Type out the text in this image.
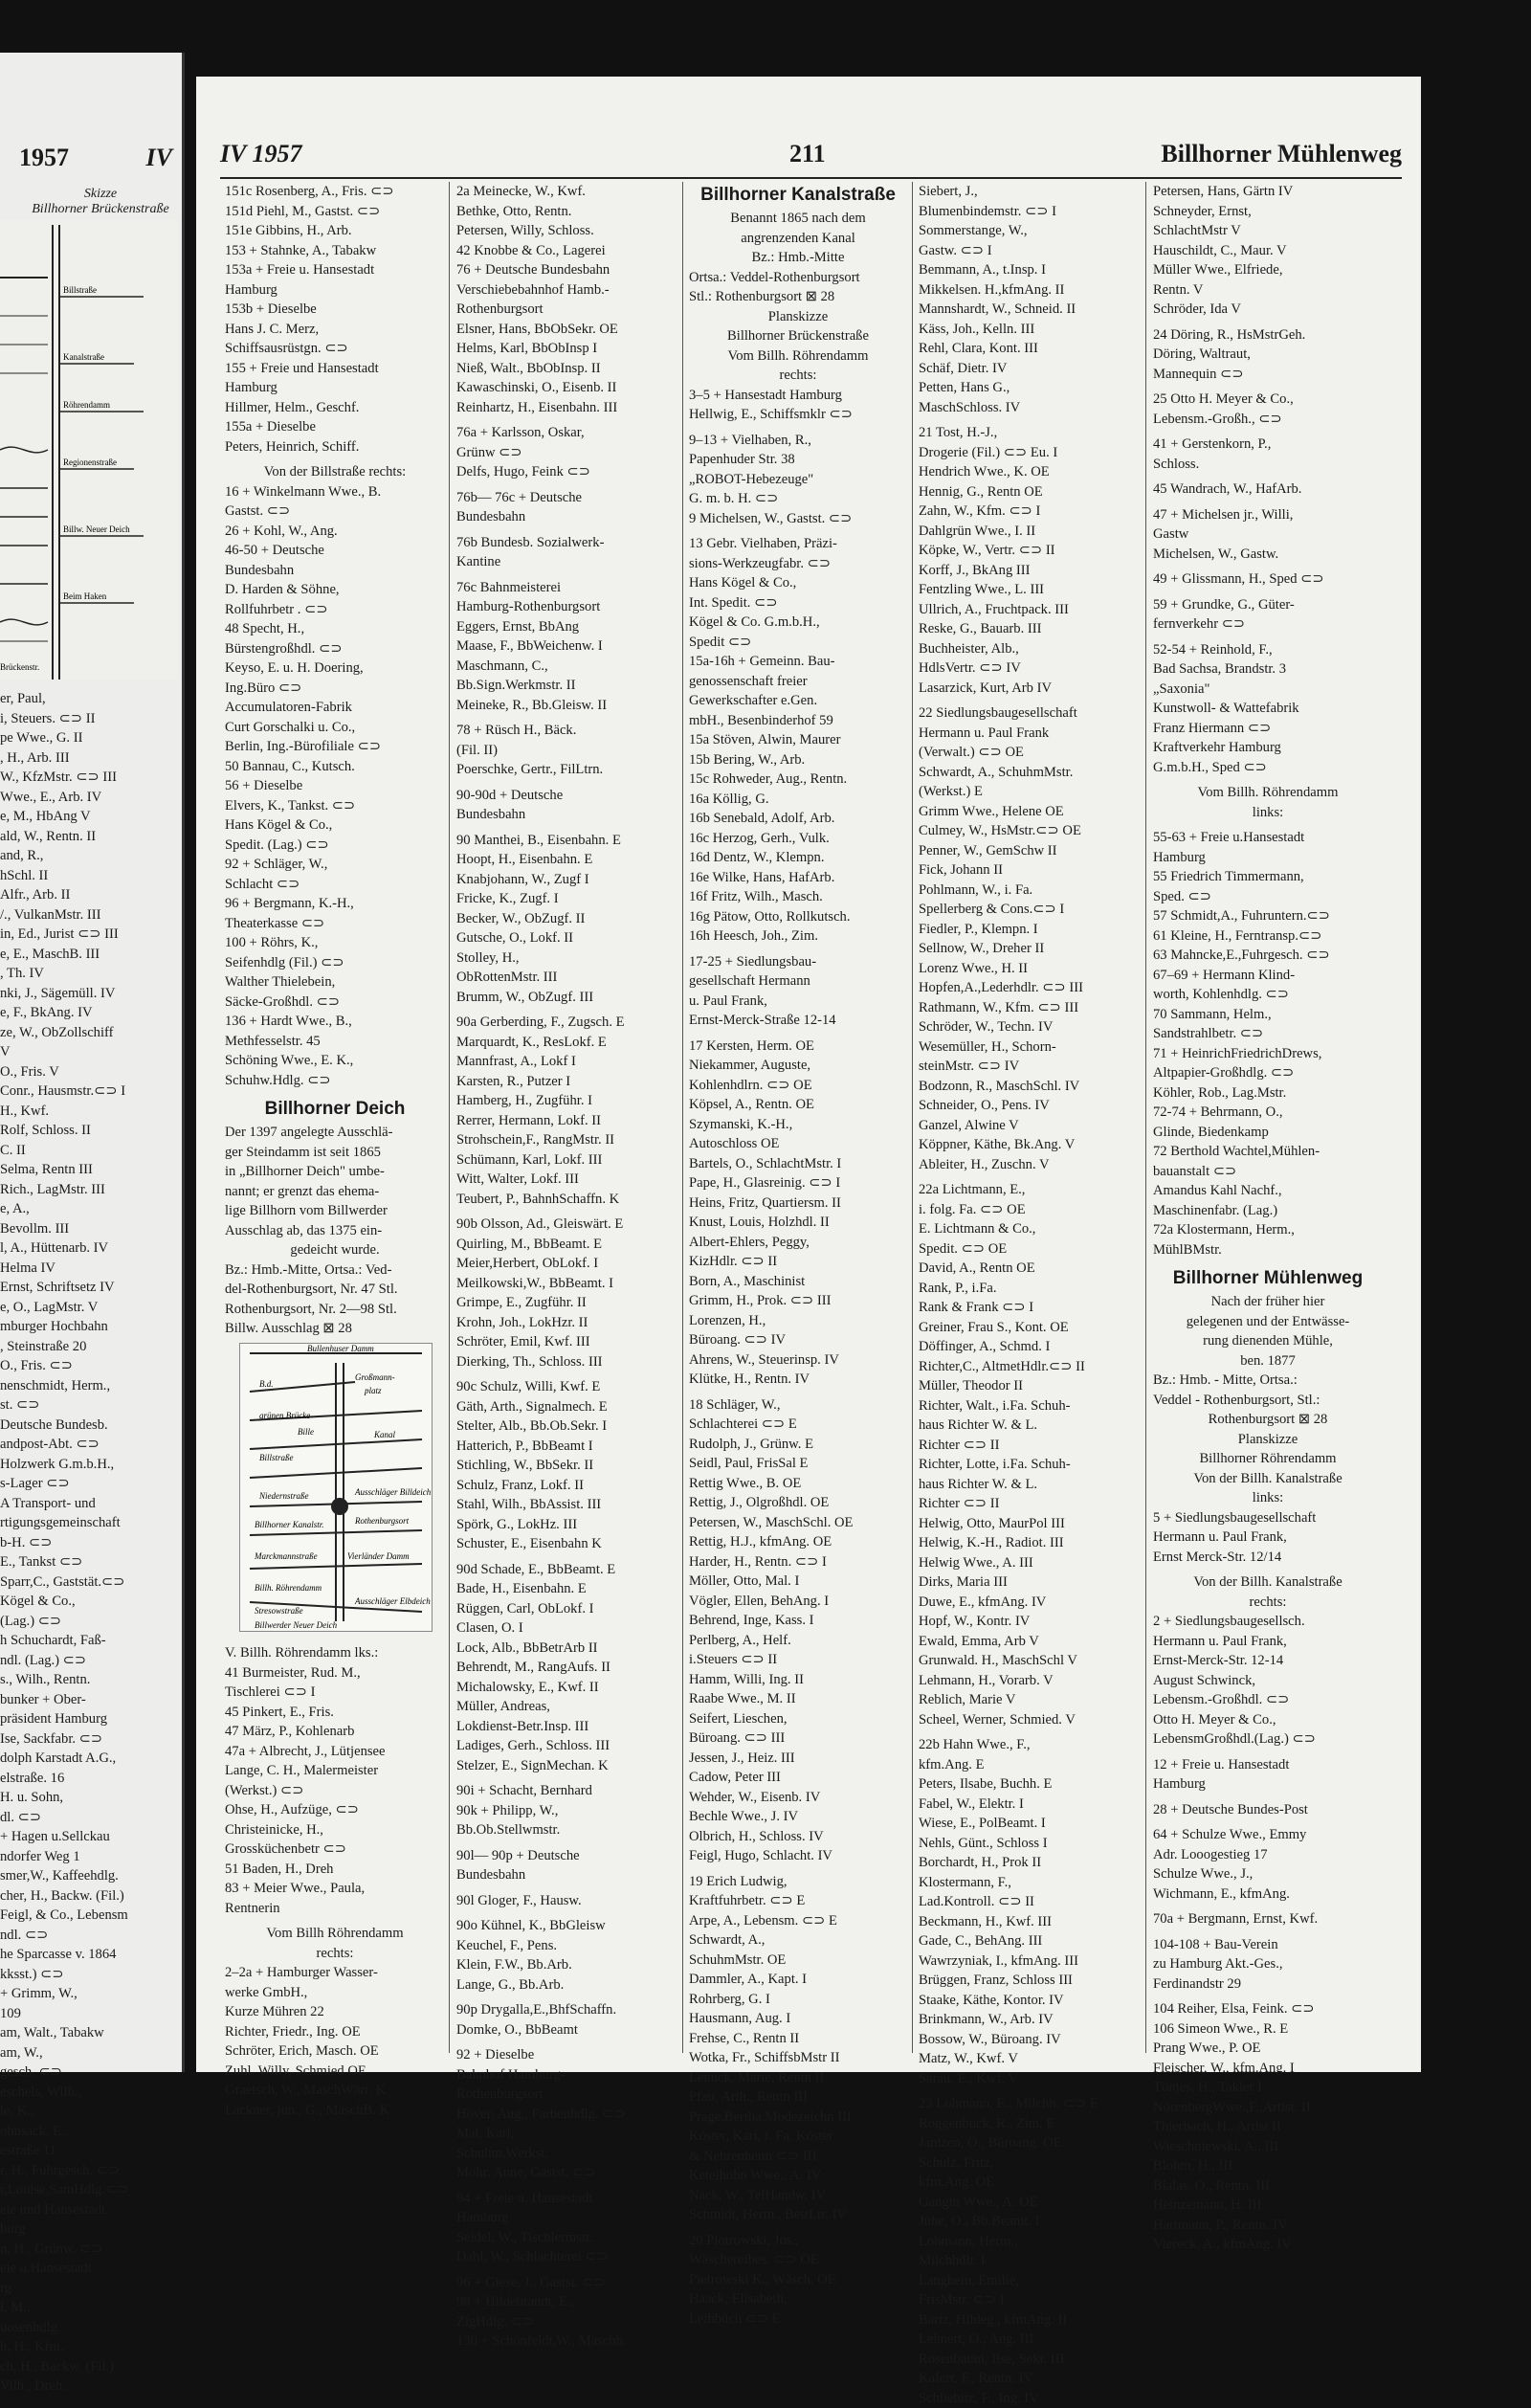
1957	IV
Skizze
Billhorner Brückenstraße
Billstraße
Kanalstraße
Röhrendamm
Regionenstraße
Billw. Neuer Deich
Beim Haken
Brückenstr.
er, Paul,
i, Steuers. ⊂⊃ II
pe Wwe., G. II
, H., Arb. III
W., KfzMstr. ⊂⊃ III
Wwe., E., Arb. IV
e, M., HbAng V
ald, W., Rentn. II
and, R.,
hSchl. II
Alfr., Arb. II
/., VulkanMstr. III
in, Ed., Jurist ⊂⊃ III
e, E., MaschB. III
, Th. IV
nki, J., Sägemüll. IV
e, F., BkAng. IV
ze, W., ObZollschiff
V
O., Fris. V
Conr., Hausmstr.⊂⊃ I
H., Kwf.
Rolf, Schloss. II
C. II
Selma, Rentn III
Rich., LagMstr. III
e, A.,
Bevollm. III
l, A., Hüttenarb. IV
Helma IV
Ernst, Schriftsetz IV
e, O., LagMstr. V
mburger Hochbahn
, Steinstraße 20
O., Fris. ⊂⊃
nenschmidt, Herm.,
st. ⊂⊃
Deutsche Bundesb.
andpost-Abt. ⊂⊃
Holzwerk G.m.b.H.,
s-Lager ⊂⊃
A Transport- und
rtigungsgemeinschaft
b-H. ⊂⊃
E., Tankst ⊂⊃
Sparr,C., Gaststät.⊂⊃
Kögel & Co.,
(Lag.) ⊂⊃
h Schuchardt, Faß-
ndl. (Lag.) ⊂⊃
s., Wilh., Rentn.
bunker + Ober-
präsident Hamburg
Ise, Sackfabr. ⊂⊃
dolph Karstadt A.G.,
elstraße. 16
H. u. Sohn,
dl. ⊂⊃
+ Hagen u.Sellckau
ndorfer Weg 1
smer,W., Kaffeehdlg.
cher, H., Backw. (Fil.)
Feigl, & Co., Lebensm
ndl. ⊂⊃
he Sparcasse v. 1864
kksst.) ⊂⊃
+ Grimm, W.,
109
am, Walt., Tabakw
am, W.,
gesch. ⊂⊃
eschels, Wilh.,
le, K.,
ohnsack, E.,
estraße 11
r, H., Fuhrgesch. ⊂⊃
r,Louise,SamHdlg.⊂⊃
eie und Hansestadt
burg
n, H., Grünw. ⊂⊃
eie u.Hansestadt
rg
l, M.,
uosenhdlg.
h, H., Kfm.
ch, H., Backw. (Fil.)
Vilh., Dreh.
IV 1957	211	Billhorner Mühlenweg
151c Rosenberg, A., Fris. ⊂⊃
151d Piehl, M., Gastst. ⊂⊃
151e Gibbins, H., Arb.
153 + Stahnke, A., Tabakw
153a + Freie u. Hansestadt
Hamburg
153b + Dieselbe
Hans J. C. Merz,
Schiffsausrüstgn. ⊂⊃
155 + Freie und Hansestadt
Hamburg
Hillmer, Helm., Geschf.
155a + Dieselbe
Peters, Heinrich, Schiff.
Von der Billstraße rechts:
16 + Winkelmann Wwe., B.
Gastst. ⊂⊃
26 + Kohl, W., Ang.
46-50 + Deutsche
Bundesbahn
D. Harden & Söhne,
Rollfuhrbetr . ⊂⊃
48 Specht, H.,
Bürstengroßhdl. ⊂⊃
Keyso, E. u. H. Doering,
Ing.Büro ⊂⊃
Accumulatoren-Fabrik
Curt Gorschalki u. Co.,
Berlin, Ing.-Bürofiliale ⊂⊃
50 Bannau, C., Kutsch.
56 + Dieselbe
Elvers, K., Tankst. ⊂⊃
Hans Kögel & Co.,
Spedit. (Lag.) ⊂⊃
92 + Schläger, W.,
Schlacht ⊂⊃
96 + Bergmann, K.-H.,
Theaterkasse ⊂⊃
100 + Röhrs, K.,
Seifenhdlg (Fil.) ⊂⊃
Walther Thielebein,
Säcke-Großhdl. ⊂⊃
136 + Hardt Wwe., B.,
Methfesselstr. 45
Schöning Wwe., E. K.,
Schuhw.Hdlg. ⊂⊃
Billhorner Deich
Der 1397 angelegte Ausschlä-
ger Steindamm ist seit 1865
in „Billhorner Deich" umbe-
nannt; er grenzt das ehema-
lige Billhorn vom Billwerder
Ausschlag ab, das 1375 ein-
gedeicht wurde.
Bz.: Hmb.-Mitte, Ortsa.: Ved-
del-Rothenburgsort, Nr. 47 Stl.
Rothenburgsort, Nr. 2—98 Stl.
Billw. Ausschlag ⊠ 28
Bullenhuser Damm
B.d.
Großmann-
platz
grünen Brücke
Bille
Billstraße
Kanal
Niedernstraße	Ausschläger Billdeich
Billhorner Kanalstr.	Rothenburgsort
Marckmannstraße	Vierländer Damm
Billh. Röhrendamm
Stresowstraße
Billwerder Neuer Deich
Ausschläger Elbdeich
V. Billh. Röhrendamm lks.:
41 Burmeister, Rud. M.,
Tischlerei ⊂⊃ I
45 Pinkert, E., Fris.
47 März, P., Kohlenarb
47a + Albrecht, J., Lütjensee
Lange, C. H., Malermeister
(Werkst.) ⊂⊃
Ohse, H., Aufzüge, ⊂⊃
Christeinicke, H.,
Grossküchenbetr ⊂⊃
51 Baden, H., Dreh
83 + Meier Wwe., Paula,
Rentnerin
Vom Billh Röhrendamm
rechts:
2–2a + Hamburger Wasser-
werke GmbH.,
Kurze Mühren 22
Richter, Friedr., Ing. OE
Schröter, Erich, Masch. OE
Zuhl, Willy, Schmied OE
Graetsch, W., MaschWärt. K
Lackner, jun., G., MaschB. K
2a Meinecke, W., Kwf.
Bethke, Otto, Rentn.
Petersen, Willy, Schloss.
42 Knobbe & Co., Lagerei
76 + Deutsche Bundesbahn
Verschiebebahnhof Hamb.-
Rothenburgsort
Elsner, Hans, BbObSekr. OE
Helms, Karl, BbObInsp I
Nieß, Walt., BbObInsp. II
Kawaschinski, O., Eisenb. II
Reinhartz, H., Eisenbahn. III
76a + Karlsson, Oskar,
Grünw ⊂⊃
Delfs, Hugo, Feink ⊂⊃
76b— 76c + Deutsche
Bundesbahn
76b Bundesb. Sozialwerk-
Kantine
76c Bahnmeisterei
Hamburg-Rothenburgsort
Eggers, Ernst, BbAng
Maase, F., BbWeichenw. I
Maschmann, C.,
Bb.Sign.Werkmstr. II
Meineke, R., Bb.Gleisw. II
78 + Rüsch H., Bäck.
(Fil. II)
Poerschke, Gertr., FilLtrn.
90-90d + Deutsche
Bundesbahn
90 Manthei, B., Eisenbahn. E
Hoopt, H., Eisenbahn. E
Knabjohann, W., Zugf I
Fricke, K., Zugf. I
Becker, W., ObZugf. II
Gutsche, O., Lokf. II
Stolley, H.,
ObRottenMstr. III
Brumm, W., ObZugf. III
90a Gerberding, F., Zugsch. E
Marquardt, K., ResLokf. E
Mannfrast, A., Lokf I
Karsten, R., Putzer I
Hamberg, H., Zugführ. I
Rerrer, Hermann, Lokf. II
Strohschein,F., RangMstr. II
Schümann, Karl, Lokf. III
Witt, Walter, Lokf. III
Teubert, P., BahnhSchaffn. K
90b Olsson, Ad., Gleiswärt. E
Quirling, M., BbBeamt. E
Meier,Herbert, ObLokf. I
Meilkowski,W., BbBeamt. I
Grimpe, E., Zugführ. II
Krohn, Joh., LokHzr. II
Schröter, Emil, Kwf. III
Dierking, Th., Schloss. III
90c Schulz, Willi, Kwf. E
Gäth, Arth., Signalmech. E
Stelter, Alb., Bb.Ob.Sekr. I
Hatterich, P., BbBeamt I
Stichling, W., BbSekr. II
Schulz, Franz, Lokf. II
Stahl, Wilh., BbAssist. III
Spörk, G., LokHz. III
Schuster, E., Eisenbahn K
90d Schade, E., BbBeamt. E
Bade, H., Eisenbahn. E
Rüggen, Carl, ObLokf. I
Clasen, O. I
Lock, Alb., BbBetrArb II
Behrendt, M., RangAufs. II
Michalowsky, E., Kwf. II
Müller, Andreas,
Lokdienst-Betr.Insp. III
Ladiges, Gerh., Schloss. III
Stelzer, E., SignMechan. K
90i + Schacht, Bernhard
90k + Philipp, W.,
Bb.Ob.Stellwmstr.
90l— 90p + Deutsche
Bundesbahn
90l Gloger, F., Hausw.
90o Kühnel, K., BbGleisw
Keuchel, F., Pens.
Klein, F.W., Bb.Arb.
Lange, G., Bb.Arb.
90p Drygalla,E.,BhfSchaffn.
Domke, O., BbBeamt
92 + Dieselbe
Bahnhof Hamburg-
Rothenburgsort
Höver, Aug., Farbenhdlg. ⊂⊃
Mai, Karl,
Schuhm.Werkst.
Mohr, Anne, Gastst. ⊂⊃
94 + Freie u. Hansestadt
Hamburg
Seidel, W., Tischlermstr.
Dahl, W., Schlachterei ⊂⊃
96 + Giese, J., Gastst. ⊂⊃
98 + Hildebrandt, E.,
ZigHdlg. ⊂⊃
130 + Schönfeldt,W., Maschb.
Billhorner Kanalstraße
Benannt 1865 nach dem
angrenzenden Kanal
Bz.: Hmb.-Mitte
Ortsa.: Veddel-Rothenburgsort
Stl.: Rothenburgsort ⊠ 28
Planskizze
Billhorner Brückenstraße
Vom Billh. Röhrendamm
rechts:
3–5 + Hansestadt Hamburg
Hellwig, E., Schiffsmklr ⊂⊃
9–13 + Vielhaben, R.,
Papenhuder Str. 38
„ROBOT-Hebezeuge"
G. m. b. H. ⊂⊃
9 Michelsen, W., Gastst. ⊂⊃
13 Gebr. Vielhaben, Präzi-
sions-Werkzeugfabr. ⊂⊃
Hans Kögel & Co.,
Int. Spedit. ⊂⊃
Kögel & Co. G.m.b.H.,
Spedit ⊂⊃
15a-16h + Gemeinn. Bau-
genossenschaft freier
Gewerkschafter e.Gen.
mbH., Besenbinderhof 59
15a Stöven, Alwin, Maurer
15b Bering, W., Arb.
15c Rohweder, Aug., Rentn.
16a Köllig, G.
16b Senebald, Adolf, Arb.
16c Herzog, Gerh., Vulk.
16d Dentz, W., Klempn.
16e Wilke, Hans, HafArb.
16f Fritz, Wilh., Masch.
16g Pätow, Otto, Rollkutsch.
16h Heesch, Joh., Zim.
17-25 + Siedlungsbau-
gesellschaft Hermann
u. Paul Frank,
Ernst-Merck-Straße 12-14
17 Kersten, Herm. OE
Niekammer, Auguste,
Kohlenhdlrn. ⊂⊃ OE
Köpsel, A., Rentn. OE
Szymanski, K.-H.,
Autoschloss OE
Bartels, O., SchlachtMstr. I
Pape, H., Glasreinig. ⊂⊃ I
Heins, Fritz, Quartiersm. II
Knust, Louis, Holzhdl. II
Albert-Ehlers, Peggy,
KizHdlr. ⊂⊃ II
Born, A., Maschinist
Grimm, H., Prok. ⊂⊃ III
Lorenzen, H.,
Büroang. ⊂⊃ IV
Ahrens, W., Steuerinsp. IV
Klütke, H., Rentn. IV
18 Schläger, W.,
Schlachterei ⊂⊃ E
Rudolph, J., Grünw. E
Seidl, Paul, FrisSal E
Rettig Wwe., B. OE
Rettig, J., Olgroßhdl. OE
Petersen, W., MaschSchl. OE
Rettig, H.J., kfmAng. OE
Harder, H., Rentn. ⊂⊃ I
Möller, Otto, Mal. I
Vögler, Ellen, BehAng. I
Behrend, Inge, Kass. I
Perlberg, A., Helf.
i.Steuers ⊂⊃ II
Hamm, Willi, Ing. II
Raabe Wwe., M. II
Seifert, Lieschen,
Büroang. ⊂⊃ III
Jessen, J., Heiz. III
Cadow, Peter III
Wehder, W., Eisenb. IV
Bechle Wwe., J. IV
Olbrich, H., Schloss. IV
Feigl, Hugo, Schlacht. IV
19 Erich Ludwig,
Kraftfuhrbetr. ⊂⊃ E
Arpe, A., Lebensm. ⊂⊃ E
Schwardt, A.,
SchuhmMstr. OE
Dammler, A., Kapt. I
Rohrberg, G. I
Hausmann, Aug. I
Frehse, C., Rentn II
Wotka, Fr., SchiffsbMstr II
Lenuck, Marie, Rentn II
Pfau, Arth., Rentn III
Prage,Bertha,Modezeichn III
Köster, Karl, i. Fa. Köster
& Nehrenheim ⊂⊃ III
Ketelhohn Wwe., A. IV
Nack, W., TelHandw. IV
Schmidt, Herm., BetrLtr. IV
20 Piotrowski, Jos.,
Wäschereibes. ⊂⊃ OE
Pietrowski K., Wäsch. OE
Haack, Elisabeth,
Leihbüch ⊂⊃ E
Siebert, J.,
Blumenbindemstr. ⊂⊃ I
Sommerstange, W.,
Gastw. ⊂⊃ I
Bemmann, A., t.Insp. I
Mikkelsen. H.,kfmAng. II
Mannshardt, W., Schneid. II
Käss, Joh., Kelln. III
Rehl, Clara, Kont. III
Schäf, Dietr. IV
Petten, Hans G.,
MaschSchloss. IV
21 Tost, H.-J.,
Drogerie (Fil.) ⊂⊃ Eu. I
Hendrich Wwe., K. OE
Hennig, G., Rentn OE
Zahn, W., Kfm. ⊂⊃ I
Dahlgrün Wwe., I. II
Köpke, W., Vertr. ⊂⊃ II
Korff, J., BkAng III
Fentzling Wwe., L. III
Ullrich, A., Fruchtpack. III
Reske, G., Bauarb. III
Buchheister, Alb.,
HdlsVertr. ⊂⊃ IV
Lasarzick, Kurt, Arb IV
22 Siedlungsbaugesellschaft
Hermann u. Paul Frank
(Verwalt.) ⊂⊃ OE
Schwardt, A., SchuhmMstr.
(Werkst.) E
Grimm Wwe., Helene OE
Culmey, W., HsMstr.⊂⊃ OE
Penner, W., GemSchw II
Fick, Johann II
Pohlmann, W., i. Fa.
Spellerberg & Cons.⊂⊃ I
Fiedler, P., Klempn. I
Sellnow, W., Dreher II
Lorenz Wwe., H. II
Hopfen,A.,Lederhdlr. ⊂⊃ III
Rathmann, W., Kfm. ⊂⊃ III
Schröder, W., Techn. IV
Wesemüller, H., Schorn-
steinMstr. ⊂⊃ IV
Bodzonn, R., MaschSchl. IV
Schneider, O., Pens. IV
Ganzel, Alwine V
Köppner, Käthe, Bk.Ang. V
Ableiter, H., Zuschn. V
22a Lichtmann, E.,
i. folg. Fa. ⊂⊃ OE
E. Lichtmann & Co.,
Spedit. ⊂⊃ OE
David, A., Rentn OE
Rank, P., i.Fa.
Rank & Frank ⊂⊃ I
Greiner, Frau S., Kont. OE
Döffinger, A., Schmd. I
Richter,C., AltmetHdlr.⊂⊃ II
Müller, Theodor II
Richter, Walt., i.Fa. Schuh-
haus Richter W. & L.
Richter ⊂⊃ II
Richter, Lotte, i.Fa. Schuh-
haus Richter W. & L.
Richter ⊂⊃ II
Helwig, Otto, MaurPol III
Helwig, K.-H., Radiot. III
Helwig Wwe., A. III
Dirks, Maria III
Duwe, E., kfmAng. IV
Hopf, W., Kontr. IV
Ewald, Emma, Arb V
Grunwald. H., MaschSchl V
Lehmann, H., Vorarb. V
Reblich, Marie V
Scheel, Werner, Schmied. V
22b Hahn Wwe., F.,
kfm.Ang. E
Peters, Ilsabe, Buchh. E
Fabel, W., Elektr. I
Wiese, E., PolBeamt. I
Nehls, Günt., Schloss I
Borchardt, H., Prok II
Klostermann, F.,
Lad.Kontroll. ⊂⊃ II
Beckmann, H., Kwf. III
Gade, C., BehAng. III
Wawrzyniak, I., kfmAng. III
Brüggen, Franz, Schloss III
Staake, Käthe, Kontor. IV
Brinkmann, W., Arb. IV
Bossow, W., Büroang. IV
Matz, W., Kwf. V
Sarau, E., Kwf. V
23 Lohmann, E., Milchh. ⊂⊃ E
Roggenbuck, R., Zim. E
Jantzen, O., Büroang. OE
Schulz, Fritz,
kfm.Ang. OE
Gangin Wwe., A. OE
Jühe, O., Bb.Beamt. I
Lohmann, Herm.,
Milchhdlr. I
Langhein, Emilie,
FrisMstr. ⊂⊃ I
Bartz, Hildeg., kfmAng. II
Lehnert, O., Ang. III
Rosenbaum, Ilse, Sekr. III
Kafert, F., Rentn. IV
Schliebitz, F., Ing. IV
Petersen, Hans, Gärtn IV
Schneyder, Ernst,
SchlachtMstr V
Hauschildt, C., Maur. V
Müller Wwe., Elfriede,
Rentn. V
Schröder, Ida V
24 Döring, R., HsMstrGeh.
Döring, Waltraut,
Mannequin ⊂⊃
25 Otto H. Meyer & Co.,
Lebensm.-Großh., ⊂⊃
41 + Gerstenkorn, P.,
Schloss.
45 Wandrach, W., HafArb.
47 + Michelsen jr., Willi,
Gastw
Michelsen, W., Gastw.
49 + Glissmann, H., Sped ⊂⊃
59 + Grundke, G., Güter-
fernverkehr ⊂⊃
52-54 + Reinhold, F.,
Bad Sachsa, Brandstr. 3
„Saxonia"
Kunstwoll- & Wattefabrik
Franz Hiermann ⊂⊃
Kraftverkehr Hamburg
G.m.b.H., Sped ⊂⊃
Vom Billh. Röhrendamm
links:
55-63 + Freie u.Hansestadt
Hamburg
55 Friedrich Timmermann,
Sped. ⊂⊃
57 Schmidt,A., Fuhruntern.⊂⊃
61 Kleine, H., Ferntransp.⊂⊃
63 Mahncke,E.,Fuhrgesch. ⊂⊃
67–69 + Hermann Klind-
worth, Kohlenhdlg. ⊂⊃
70 Sammann, Helm.,
Sandstrahlbetr. ⊂⊃
71 + HeinrichFriedrichDrews,
Altpapier-Großhdlg. ⊂⊃
Köhler, Rob., Lag.Mstr.
72-74 + Behrmann, O.,
Glinde, Biedenkamp
72 Berthold Wachtel,Mühlen-
bauanstalt ⊂⊃
Amandus Kahl Nachf.,
Maschinenfabr. (Lag.)
72a Klostermann, Herm.,
MühlBMstr.
Billhorner Mühlenweg
Nach der früher hier
gelegenen und der Entwässe-
rung dienenden Mühle,
ben. 1877
Bz.: Hmb. - Mitte, Ortsa.:
Veddel - Rothenburgsort, Stl.:
Rothenburgsort ⊠ 28
Planskizze
Billhorner Röhrendamm
Von der Billh. Kanalstraße
links:
5 + Siedlungsbaugesellschaft
Hermann u. Paul Frank,
Ernst Merck-Str. 12/14
Von der Billh. Kanalstraße
rechts:
2 + Siedlungsbaugesellsch.
Hermann u. Paul Frank,
Ernst-Merck-Str. 12-14
August Schwinck,
Lebensm.-Großhdl. ⊂⊃
Otto H. Meyer & Co.,
LebensmGroßhdl.(Lag.) ⊂⊃
12 + Freie u. Hansestadt
Hamburg
28 + Deutsche Bundes-Post
64 + Schulze Wwe., Emmy
Adr. Looogestieg 17
Schulze Wwe., J.,
Wichmann, E., kfmAng.
70a + Bergmann, Ernst, Kwf.
104-108 + Bau-Verein
zu Hamburg Akt.-Ges.,
Ferdinandstr 29
104 Reiher, Elsa, Feink. ⊂⊃
106 Simeon Wwe., R. E
Prang Wwe., P. OE
Fleischer, W., kfm.Ang. I
Tönjes, H., Takler I
NörenbergWwe.,F.,Artist. II
Thierbach, H., Artist II
Wieschniewski, A., III
Blohm, H., III
Bialas, O., Rentn. III
Heinzemann, H. III
Hartmann, P., Rentn. IV
Viereck, A., kfmAng. IV
